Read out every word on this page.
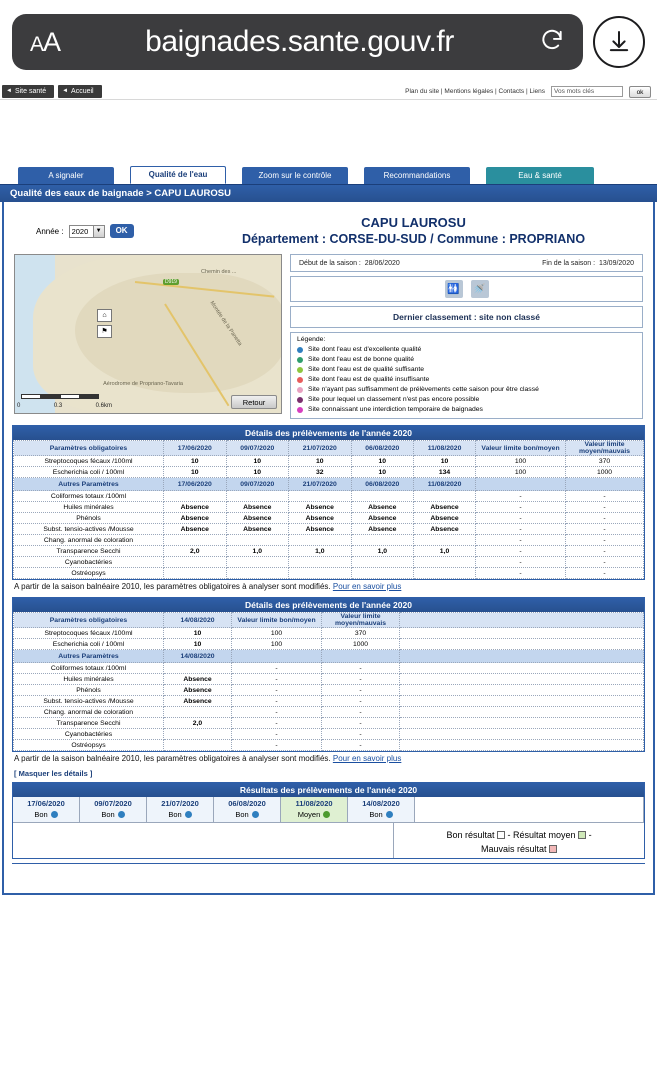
AA	baignades.sante.gouv.fr
◄ Site santé	◄ Accueil	Plan du site | Mentions légales | Contacts | Liens
Vos mots clés	ok
A signaler	Qualité de l'eau	Zoom sur le contrôle	Recommandations	Eau & santé
Qualité des eaux de baignade > CAPU LAUROSU
Année : 2020	▼	OK
CAPU LAUROSU
Département : CORSE-DU-SUD / Commune : PROPRIANO
Chemin des ...
Montée de la Panetta
D919
Aérodrome de Propriano-Tavaria
⌂
⚑
0	0.3	0.6km	Retour
Début de la saison :
28/06/2020	Fin de la saison :
13/09/2020
🚻 🚿
Dernier classement : site non classé
Légende:
Site dont l'eau est d'excellente qualité
Site dont l'eau est de bonne qualité
Site dont l'eau est de qualité suffisante
Site dont l'eau est de qualité insuffisante
Site n'ayant pas suffisamment de prélèvements cette saison pour être classé
Site pour lequel un classement n'est pas encore possible
Site connaissant une interdiction temporaire de baignades
Détails des prélèvements de l'année 2020
Paramètres obligatoires	17/06/2020	09/07/2020	21/07/2020	06/08/2020	11/08/2020	Valeur limite bon/moyen	Valeur limite moyen/mauvais
Streptocoques fécaux /100ml	10	10	10	10	10	100	370
Escherichia coli / 100ml	10	10	32	10	134	100	1000
Autres Paramètres	17/06/2020	09/07/2020	21/07/2020	06/08/2020	11/08/2020		
Coliformes totaux /100ml						-	-
Huiles minérales	Absence	Absence	Absence	Absence	Absence	-	-
Phénols	Absence	Absence	Absence	Absence	Absence	-	-
Subst. tensio-actives /Mousse	Absence	Absence	Absence	Absence	Absence	-	-
Chang. anormal de coloration						-	-
Transparence Secchi	2,0	1,0	1,0	1,0	1,0	-	-
Cyanobactéries						-	-
Ostréopsys						-	-
A partir de la saison balnéaire 2010, les paramètres obligatoires à analyser sont modifiés. Pour en savoir plus
Détails des prélèvements de l'année 2020
Paramètres obligatoires	14/08/2020	Valeur limite bon/moyen	Valeur limite moyen/mauvais	
Streptocoques fécaux /100ml	10	100	370	
Escherichia coli / 100ml	10	100	1000	
Autres Paramètres	14/08/2020			
Coliformes totaux /100ml		-	-	
Huiles minérales	Absence	-	-	
Phénols	Absence	-	-	
Subst. tensio-actives /Mousse	Absence	-	-	
Chang. anormal de coloration		-	-	
Transparence Secchi	2,0	-	-	
Cyanobactéries		-	-	
Ostréopsys		-	-	
A partir de la saison balnéaire 2010, les paramètres obligatoires à analyser sont modifiés. Pour en savoir plus
[ Masquer les détails ]
Résultats des prélèvements de l'année 2020
17/06/2020
Bon
09/07/2020
Bon
21/07/2020
Bon
06/08/2020
Bon
11/08/2020
Moyen
14/08/2020
Bon
Bon résultat - Résultat moyen -
Mauvais résultat
